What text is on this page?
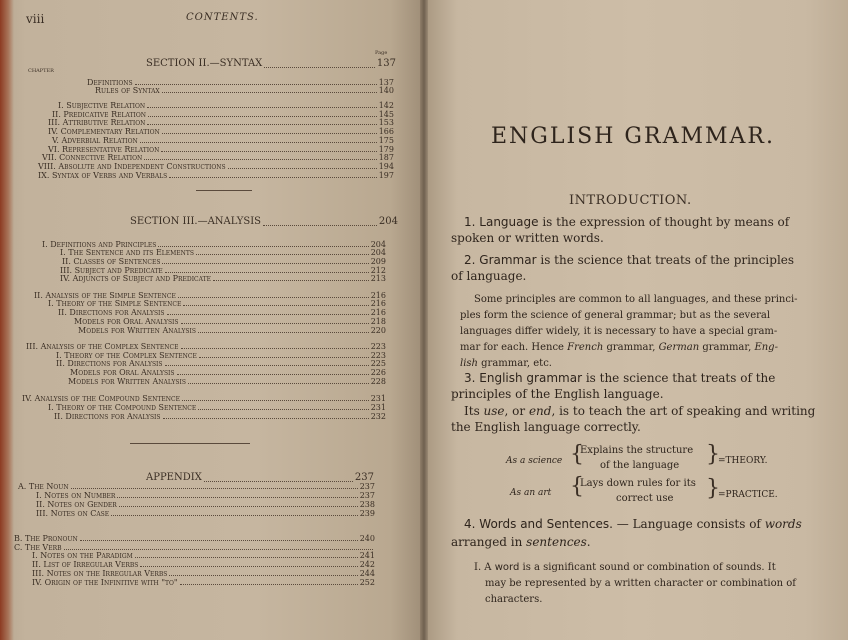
viii	CONTENTS.
Page
CHAPTER
SECTION II.—SYNTAX	137
Definitions	137
Rules of Syntax	140
I. Subjective Relation	142
II. Predicative Relation	145
III. Attributive Relation	153
IV. Complementary Relation	166
V. Adverbial Relation	175
VI. Representative Relation	179
VII. Connective Relation	187
VIII. Absolute and Independent Constructions	194
IX. Syntax of Verbs and Verbals	197
SECTION III.—ANALYSIS	204
I. Definitions and Principles	204
I. The Sentence and its Elements	204
II. Classes of Sentences	209
III. Subject and Predicate	212
IV. Adjuncts of Subject and Predicate	213
II. Analysis of the Simple Sentence	216
I. Theory of the Simple Sentence	216
II. Directions for Analysis	216
Models for Oral Analysis	218
Models for Written Analysis	220
III. Analysis of the Complex Sentence	223
I. Theory of the Complex Sentence	223
II. Directions for Analysis	225
Models for Oral Analysis	226
Models for Written Analysis	228
IV. Analysis of the Compound Sentence	231
I. Theory of the Compound Sentence	231
II. Directions for Analysis	232
APPENDIX	237
A. The Noun	237
I. Notes on Number	237
II. Notes on Gender	238
III. Notes on Case	239
B. The Pronoun	240
C. The Verb
I. Notes on the Paradigm	241
II. List of Irregular Verbs	242
III. Notes on the Irregular Verbs	244
IV. Origin of the Infinitive with "to"	252
ENGLISH GRAMMAR.
INTRODUCTION.
1. Language is the expression of thought by means of
spoken or written words.
2. Grammar is the science that treats of the principles
of language.
Some principles are common to all languages, and these princi-
ples form the science of general grammar; but as the several
languages differ widely, it is necessary to have a special gram-
mar for each. Hence French grammar, German grammar, Eng-
lish grammar, etc.
3. English grammar is the science that treats of the
principles of the English language.
Its use, or end, is to teach the art of speaking and writing
the English language correctly.
As a science {
Explains the structure
of the language }
=THEORY.
As an art {
Lays down rules for its
correct use }
=PRACTICE.
4. Words and Sentences. — Language consists of words
arranged in sentences.
I. A word is a significant sound or combination of sounds. It
may be represented by a written character or combination of
characters.
